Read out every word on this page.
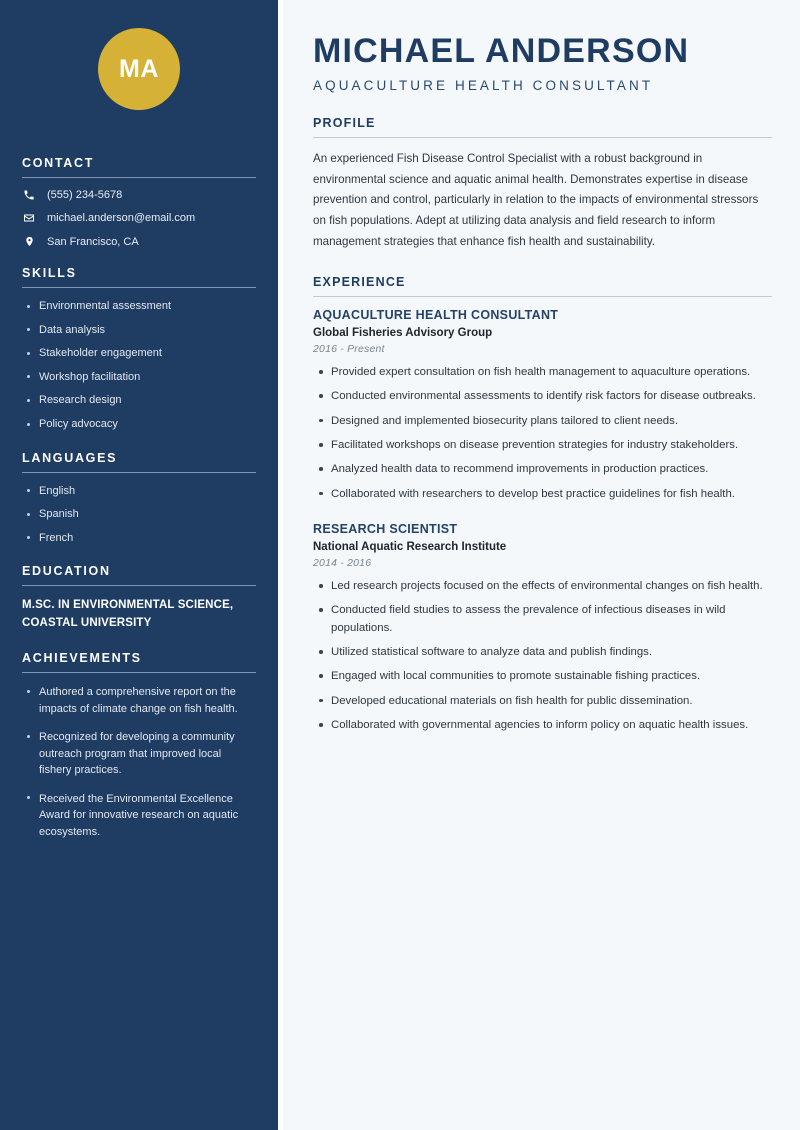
MA
CONTACT
(555) 234-5678
michael.anderson@email.com
San Francisco, CA
SKILLS
Environmental assessment
Data analysis
Stakeholder engagement
Workshop facilitation
Research design
Policy advocacy
LANGUAGES
English
Spanish
French
EDUCATION
M.SC. IN ENVIRONMENTAL SCIENCE, COASTAL UNIVERSITY
ACHIEVEMENTS
Authored a comprehensive report on the impacts of climate change on fish health.
Recognized for developing a community outreach program that improved local fishery practices.
Received the Environmental Excellence Award for innovative research on aquatic ecosystems.
MICHAEL ANDERSON
AQUACULTURE HEALTH CONSULTANT
PROFILE

An experienced Fish Disease Control Specialist with a robust background in environmental science and aquatic animal health. Demonstrates expertise in disease prevention and control, particularly in relation to the impacts of environmental stressors on fish populations. Adept at utilizing data analysis and field research to inform management strategies that enhance fish health and sustainability.

EXPERIENCE
AQUACULTURE HEALTH CONSULTANT
Global Fisheries Advisory Group
2016 - Present
Provided expert consultation on fish health management to aquaculture operations.
Conducted environmental assessments to identify risk factors for disease outbreaks.
Designed and implemented biosecurity plans tailored to client needs.
Facilitated workshops on disease prevention strategies for industry stakeholders.
Analyzed health data to recommend improvements in production practices.
Collaborated with researchers to develop best practice guidelines for fish health.
RESEARCH SCIENTIST
National Aquatic Research Institute
2014 - 2016
Led research projects focused on the effects of environmental changes on fish health.
Conducted field studies to assess the prevalence of infectious diseases in wild populations.
Utilized statistical software to analyze data and publish findings.
Engaged with local communities to promote sustainable fishing practices.
Developed educational materials on fish health for public dissemination.
Collaborated with governmental agencies to inform policy on aquatic health issues.
